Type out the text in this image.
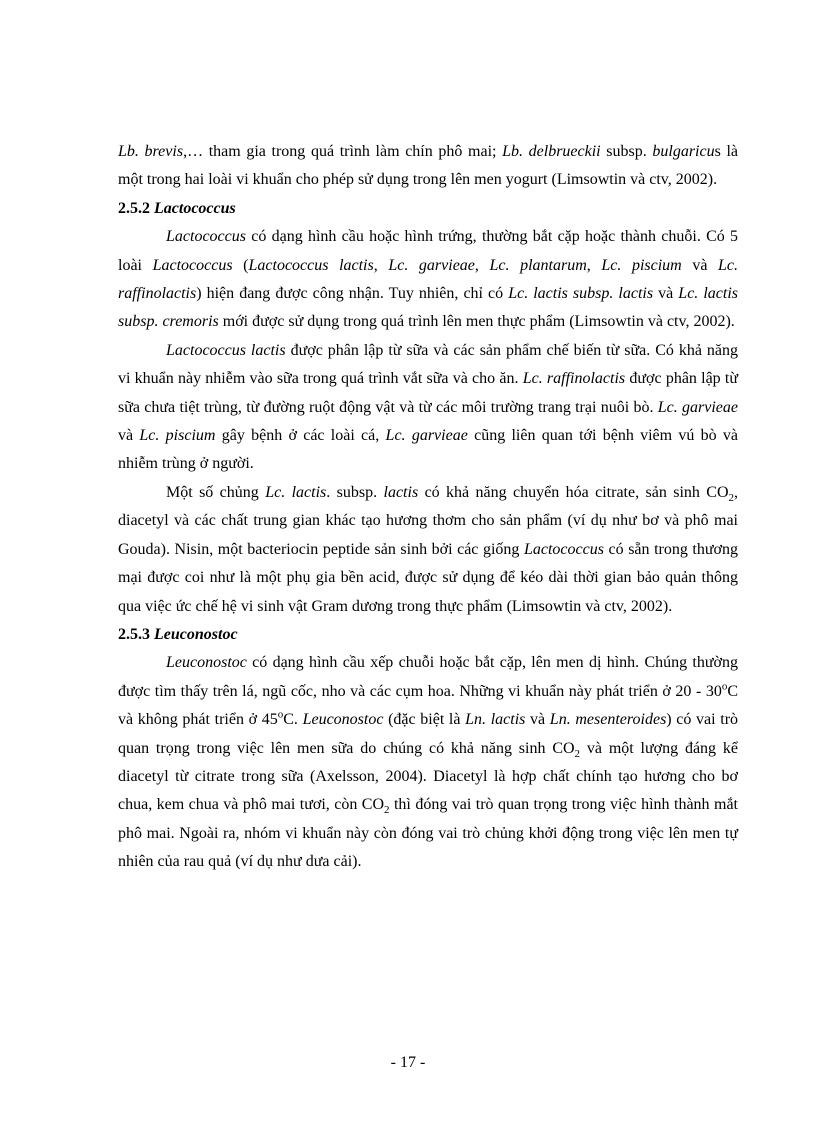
Lb. brevis,… tham gia trong quá trình làm chín phô mai; Lb. delbrueckii subsp. bulgaricus là một trong hai loài vi khuẩn cho phép sử dụng trong lên men yogurt (Limsowtin và ctv, 2002).

2.5.2 Lactococcus

Lactococcus có dạng hình cầu hoặc hình trứng, thường bắt cặp hoặc thành chuỗi. Có 5 loài Lactococcus (Lactococcus lactis, Lc. garvieae, Lc. plantarum, Lc. piscium và Lc. raffinolactis) hiện đang được công nhận. Tuy nhiên, chỉ có Lc. lactis subsp. lactis và Lc. lactis subsp. cremoris mới được sử dụng trong quá trình lên men thực phẩm (Limsowtin và ctv, 2002).

Lactococcus lactis được phân lập từ sữa và các sản phẩm chế biến từ sữa. Có khả năng vi khuẩn này nhiễm vào sữa trong quá trình vắt sữa và cho ăn. Lc. raffinolactis được phân lập từ sữa chưa tiệt trùng, từ đường ruột động vật và từ các môi trường trang trại nuôi bò. Lc. garvieae và Lc. piscium gây bệnh ở các loài cá, Lc. garvieae cũng liên quan tới bệnh viêm vú bò và nhiễm trùng ở người.

Một số chủng Lc. lactis. subsp. lactis có khả năng chuyển hóa citrate, sản $\sinh CO_2$, diacetyl và các chất trung gian khác tạo hương thơm cho sản phẩm (ví dụ như bơ và phô mai Gouda). Nisin, một bacteriocin peptide sản sinh bởi các giống Lactococcus có sẵn trong thương mại được coi như là một phụ gia bền acid, được sử dụng để kéo dài thời gian bảo quản thông qua việc ức chế hệ vi sinh vật Gram dương trong thực phẩm (Limsowtin và ctv, 2002).

2.5.3 Leuconostoc

Leuconostoc có dạng hình cầu xếp chuỗi hoặc bắt cặp, lên men dị hình. Chúng thường được tìm thấy trên lá, ngũ cốc, nho và các cụm hoa. Những vi khuẩn này phát triển ở 20 - 30$^o$C và không phát triển ở 45$^o$C. Leuconostoc (đặc biệt là Ln. lactis và Ln. mesenteroides) có vai trò quan trọng trong việc lên men sữa do chúng có khả năng $\sinh CO_2$ và một lượng đáng kể diacetyl từ citrate trong sữa (Axelsson, 2004). Diacetyl là hợp chất chính tạo hương cho bơ chua, kem chua và phô mai tươi, còn $CO_2$ thì đóng vai trò quan trọng trong việc hình thành mắt phô mai. Ngoài ra, nhóm vi khuẩn này còn đóng vai trò chủng khởi động trong việc lên men tự nhiên của rau quả (ví dụ như dưa cải).

- 17 -
